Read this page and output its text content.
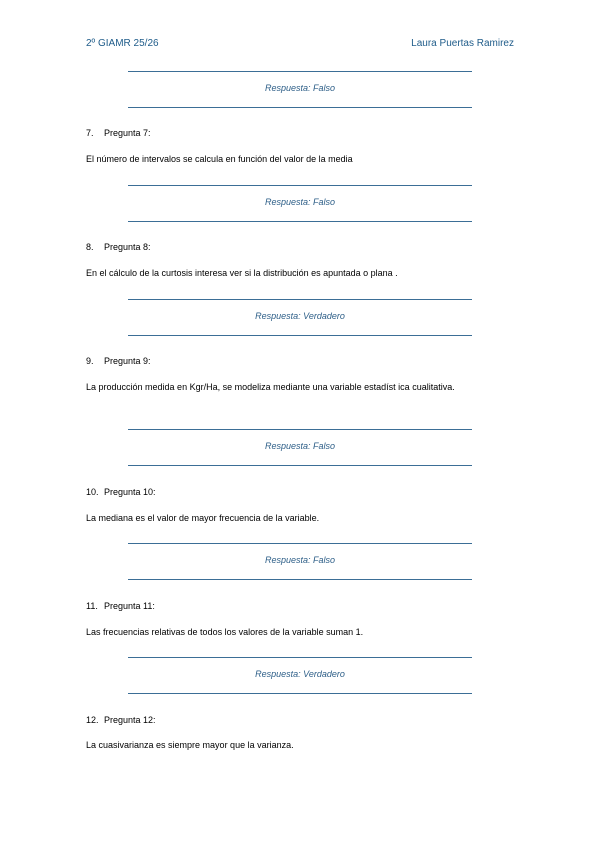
2º GIAMR 25/26	Laura Puertas Ramirez
Respuesta: Falso
7. Pregunta 7:
El número de intervalos se calcula en función del valor de la media
Respuesta: Falso
8. Pregunta 8:
En el cálculo de la curtosis interesa ver si la distribución es apuntada o plana .
Respuesta: Verdadero
9. Pregunta 9:
La producción medida en Kgr/Ha, se modeliza mediante una variable estadíst ica cualitativa.
Respuesta: Falso
10. Pregunta 10:
La mediana es el valor de mayor frecuencia de la variable.
Respuesta: Falso
11. Pregunta 11:
Las frecuencias relativas de todos los valores de la variable suman 1.
Respuesta: Verdadero
12. Pregunta 12:
La cuasivarianza es siempre mayor que la varianza.
